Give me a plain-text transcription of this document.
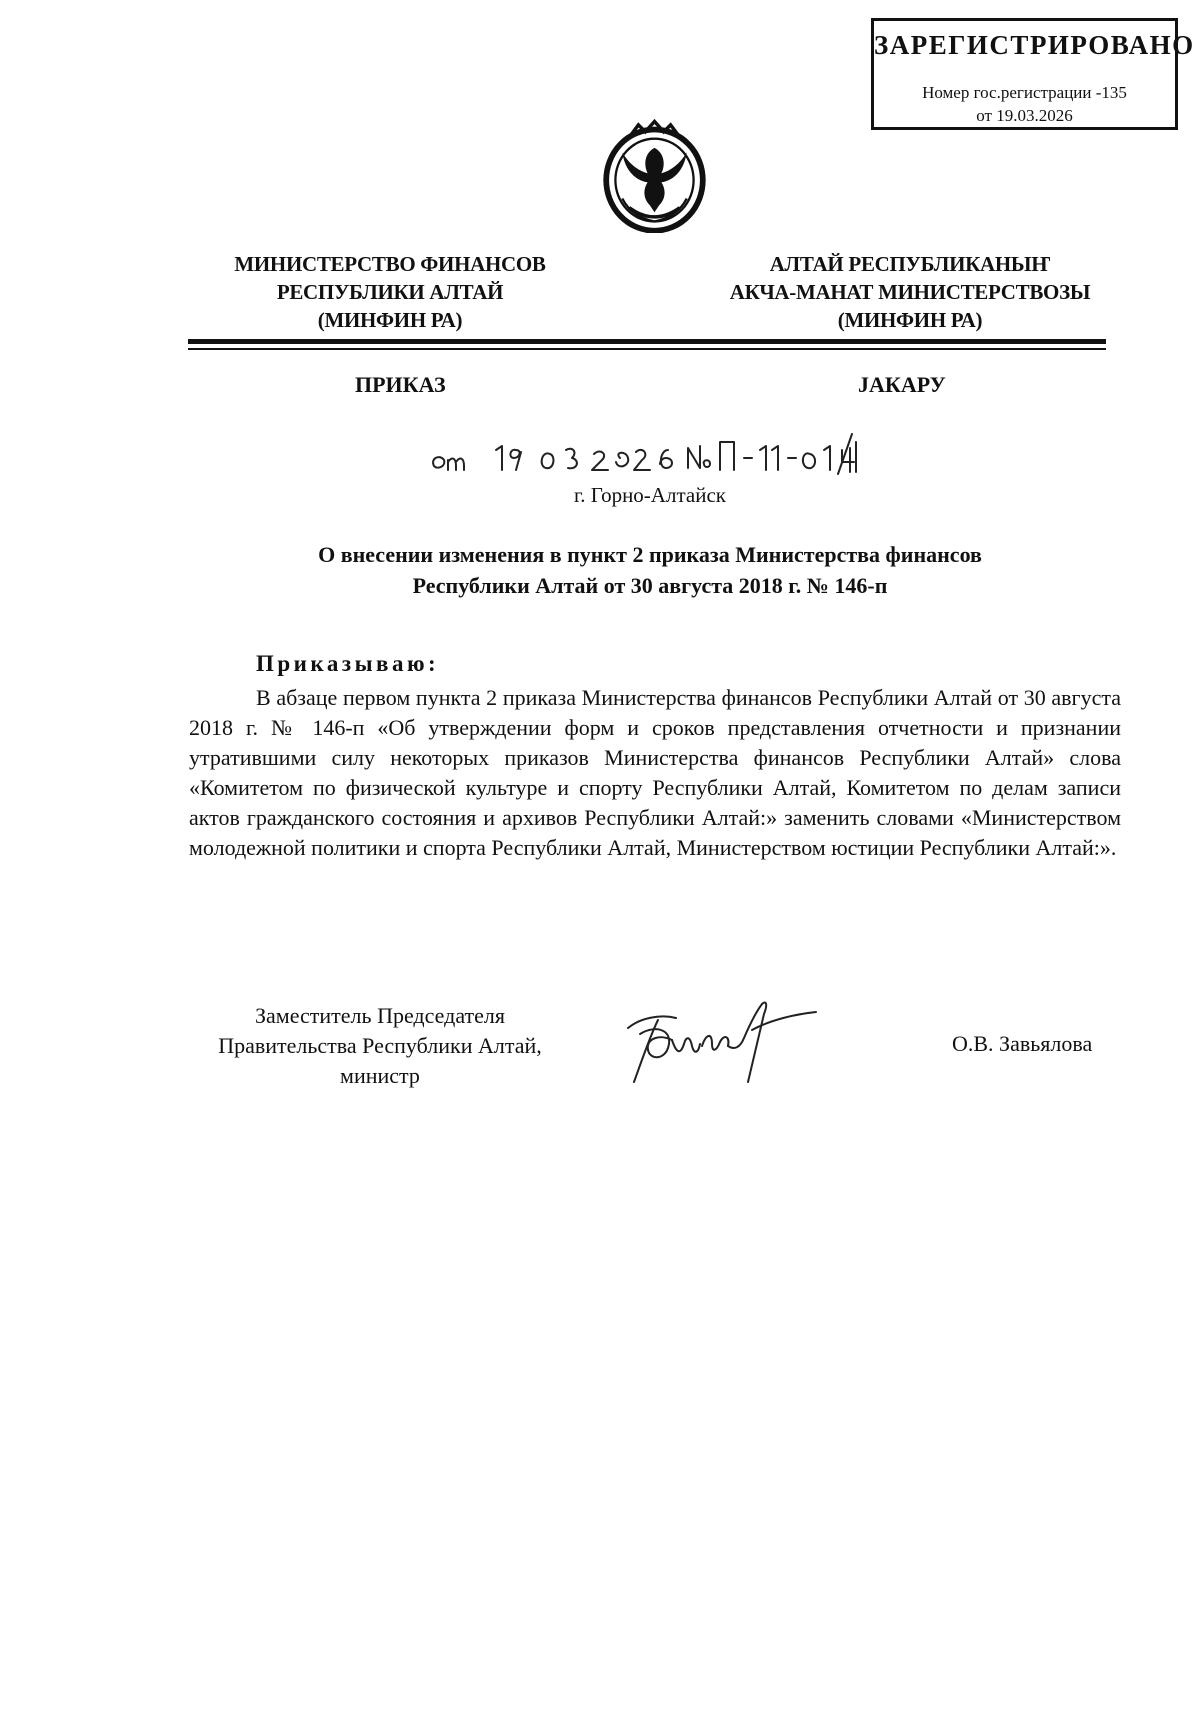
ЗАРЕГИСТРИРОВАНО
Номер гос.регистрации -135
от 19.03.2026
МИНИСТЕРСТВО ФИНАНСОВ
РЕСПУБЛИКИ АЛТАЙ
(МИНФИН РА)
АЛТАЙ РЕСПУБЛИКАНЫҤ
АКЧА-МАНАТ МИНИСТЕРСТВОЗЫ
(МИНФИН РА)
ПРИКАЗ	ЈАКАРУ
г. Горно-Алтайск
О внесении изменения в пункт 2 приказа Министерства финансов
Республики Алтай от 30 августа 2018 г. № 146-п
Приказываю:

В абзаце первом пункта 2 приказа Министерства финансов Республики Алтай от 30 августа 2018 г. № 146-п «Об утверждении форм и сроков представления отчетности и признании утратившими силу некоторых приказов Министерства финансов Республики Алтай» слова «Комитетом по физической культуре и спорту Республики Алтай, Комитетом по делам записи актов гражданского состояния и архивов Республики Алтай:» заменить словами «Министерством молодежной политики и спорта Республики Алтай, Министерством юстиции Республики Алтай:».

Заместитель Председателя
Правительства Республики Алтай,
министр
О.В. Завьялова
